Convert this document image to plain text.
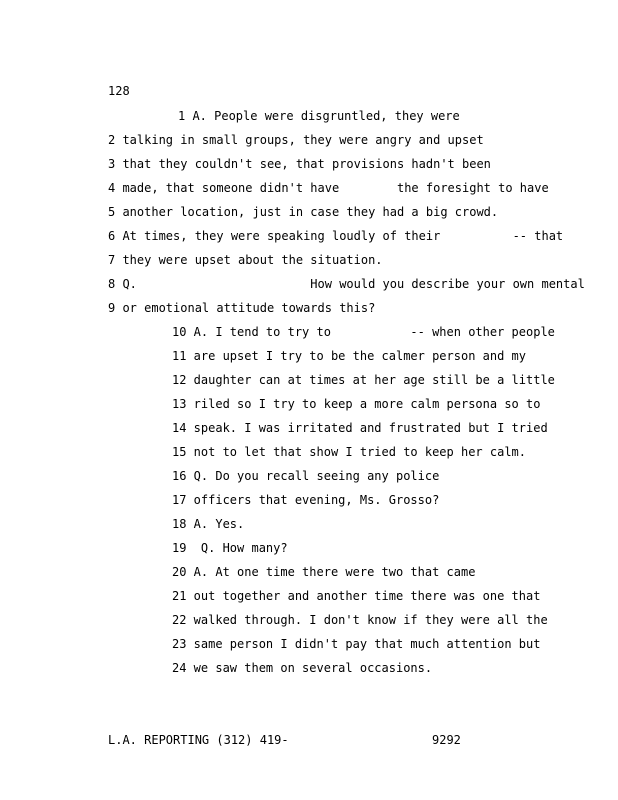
128
1 A. People were disgruntled, they were
2 talking in small groups, they were angry and upset
3 that they couldn't see, that provisions hadn't been
4 made, that someone didn't have        the foresight to have
5 another location, just in case they had a big crowd.
6 At times, they were speaking loudly of their          -- that
7 they were upset about the situation.
8 Q.                        How would you describe your own mental
9 or emotional attitude towards this?
10 A. I tend to try to           -- when other people
11 are upset I try to be the calmer person and my
12 daughter can at times at her age still be a little
13 riled so I try to keep a more calm persona so to
14 speak. I was irritated and frustrated but I tried
15 not to let that show I tried to keep her calm.
16 Q. Do you recall seeing any police
17 officers that evening, Ms. Grosso?
18 A. Yes.
19  Q. How many?
20 A. At one time there were two that came
21 out together and another time there was one that
22 walked through. I don't know if they were all the
23 same person I didn't pay that much attention but
24 we saw them on several occasions.
L.A. REPORTING (312) 419-	9292
